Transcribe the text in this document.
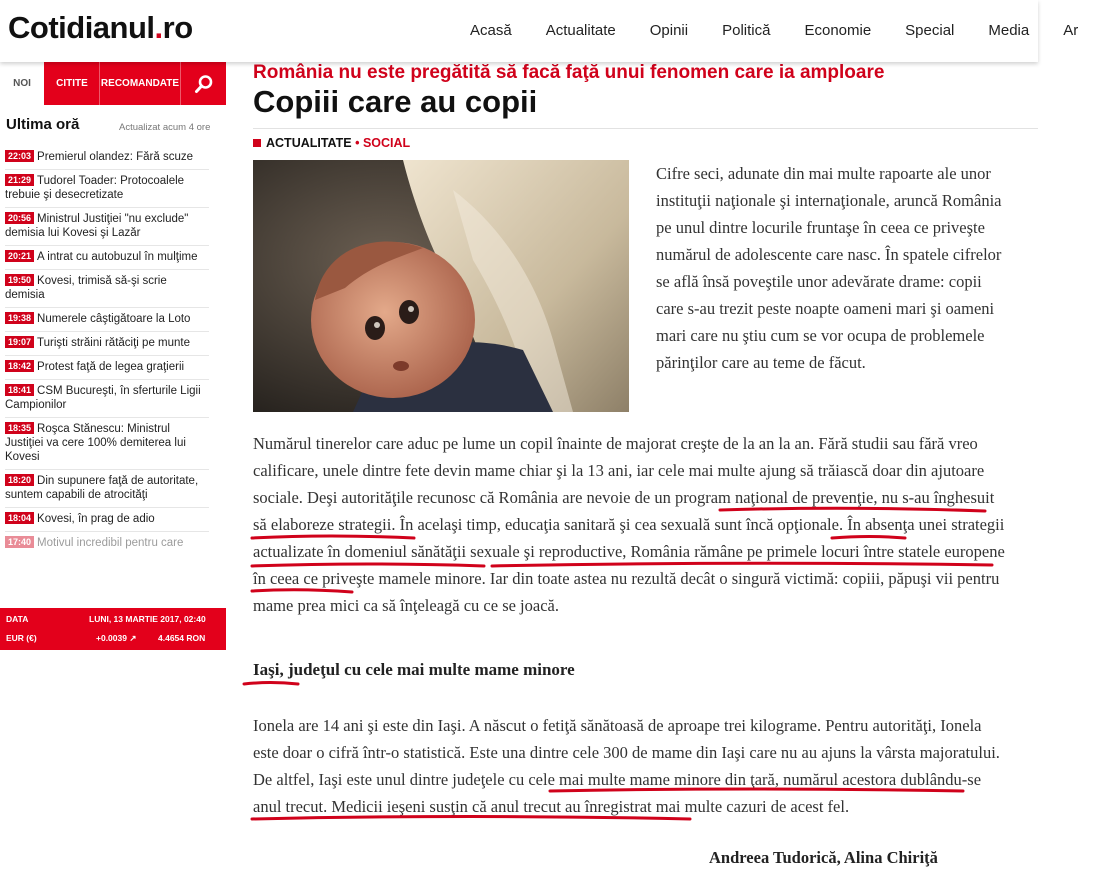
Cotidianul.ro	Acasă Actualitate Opinii Politică Economie Special Media Ar
NOI	CITITE	RECOMANDATE
Ultima oră	Actualizat acum 4 ore
22:03 Premierul olandez: Fără scuze
21:29 Tudorel Toader: Protocoalele trebuie şi desecretizate
20:56 Ministrul Justiţiei "nu exclude" demisia lui Kovesi şi Lazăr
20:21 A intrat cu autobuzul în mulţime
19:50 Kovesi, trimisă să-şi scrie demisia
19:38 Numerele câştigătoare la Loto
19:07 Turişti străini rătăciţi pe munte
18:42 Protest faţă de legea graţierii
18:41 CSM Bucureşti, în sferturile Ligii Campionilor
18:35 Roşca Stănescu: Ministrul Justiţiei va cere 100% demiterea lui Kovesi
18:20 Din supunere faţă de autoritate, suntem capabili de atrocităţi
18:04 Kovesi, în prag de adio
17:40 Motivul incredibil pentru care
DATA	LUNI, 13 MARTIE 2017, 02:40
EUR (€)	+0.0039 ↗	4.4654 RON
România nu este pregătită să facă faţă unui fenomen care ia amploare
Copiii care au copii
ACTUALITATE • SOCIAL
Cifre seci, adunate din mai multe rapoarte ale unor instituţii naţionale şi internaţionale, aruncă România pe unul dintre locurile fruntaşe în ceea ce priveşte numărul de adolescente care nasc. În spatele cifrelor se află însă poveştile unor adevărate drame: copii care s-au trezit peste noapte oameni mari şi oameni mari care nu ştiu cum se vor ocupa de problemele părinţilor care au teme de făcut.
Numărul tinerelor care aduc pe lume un copil înainte de majorat creşte de la an la an. Fără studii sau fără vreo calificare, unele dintre fete devin mame chiar şi la 13 ani, iar cele mai multe ajung să trăiască doar din ajutoare sociale. Deşi autorităţile recunosc că România are nevoie de un program naţional de prevenţie, nu s-au înghesuit să elaboreze strategii. În acelaşi timp, educaţia sanitară şi cea sexuală sunt încă opţionale. În absenţa unei strategii actualizate în domeniul sănătăţii sexuale şi reproductive, România rămâne pe primele locuri între statele europene în ceea ce priveşte mamele minore. Iar din toate astea nu rezultă decât o singură victimă: copiii, păpuşi vii pentru mame prea mici ca să înţeleagă cu ce se joacă.
Iaşi, judeţul cu cele mai multe mame minore
Ionela are 14 ani şi este din Iaşi. A născut o fetiţă sănătoasă de aproape trei kilograme. Pentru autorităţi, Ionela este doar o cifră într-o statistică. Este una dintre cele 300 de mame din Iaşi care nu au ajuns la vârsta majoratului. De altfel, Iaşi este unul dintre judeţele cu cele mai multe mame minore din ţară, numărul acestora dublându-se anul trecut. Medicii ieşeni susţin că anul trecut au înregistrat mai multe cazuri de acest fel.
Andreea Tudorică, Alina Chiriţă
